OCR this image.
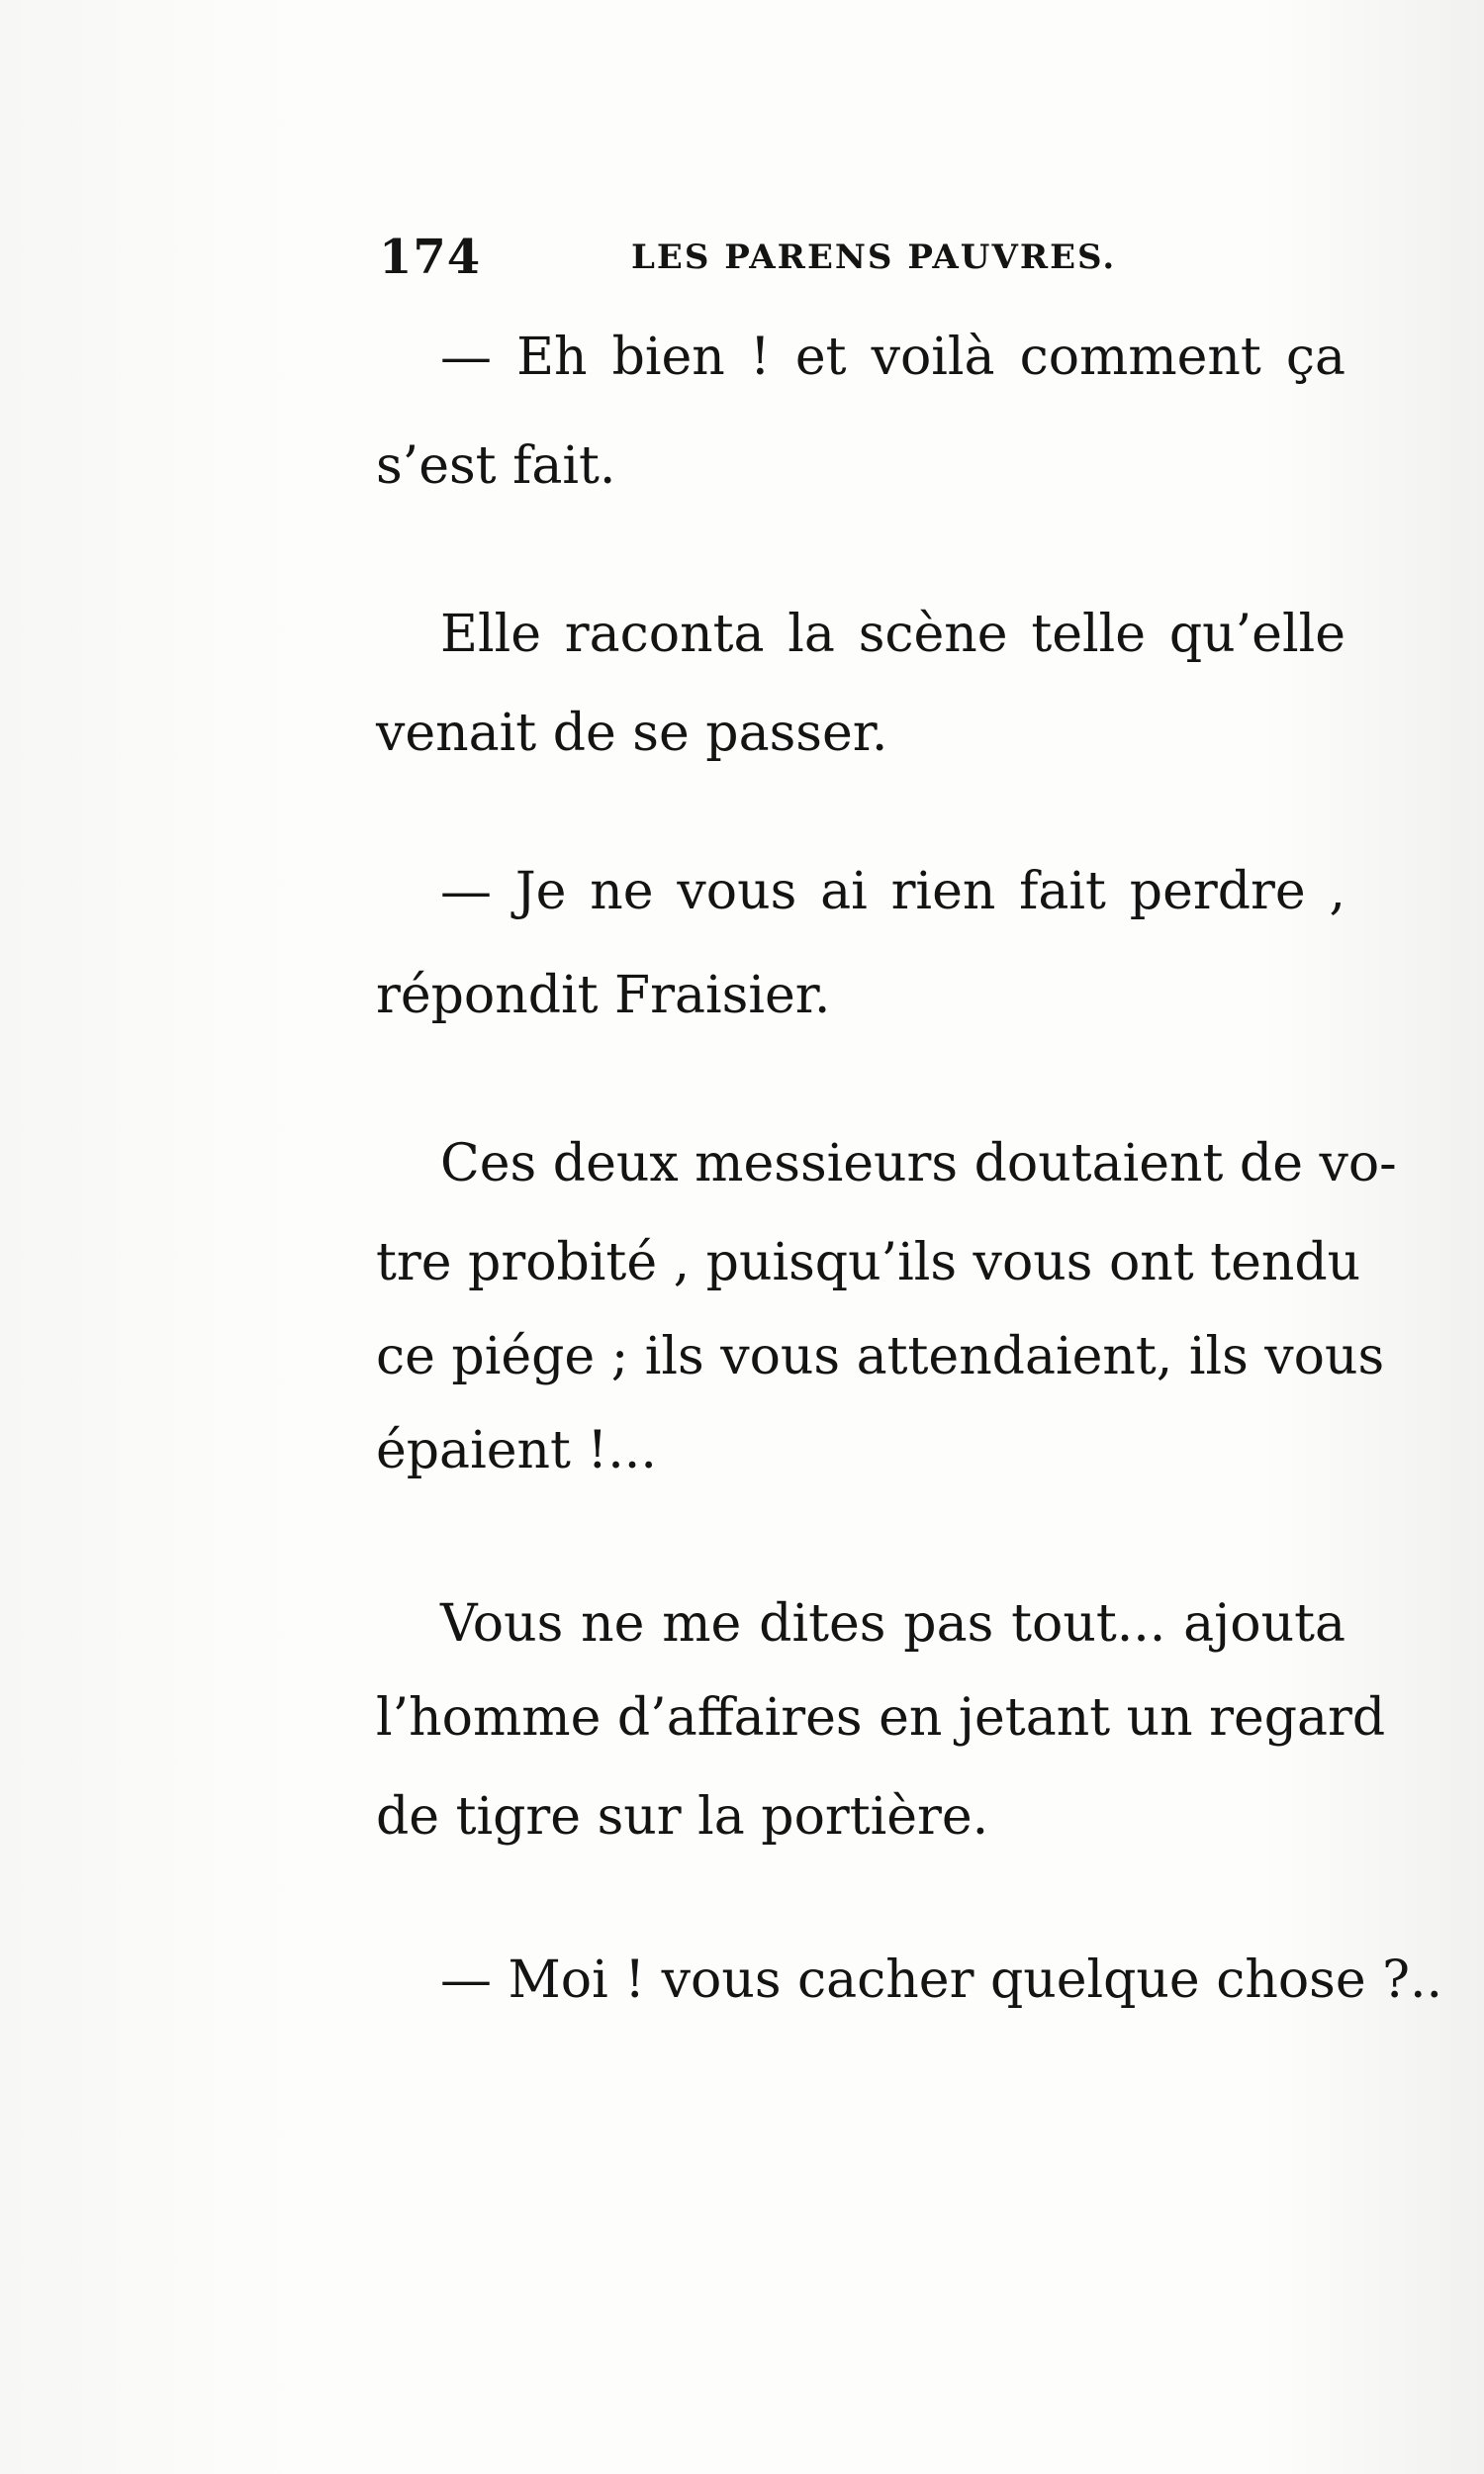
174	LES PARENS PAUVRES.
— Eh bien ! et voilà comment ça
s’est fait.
Elle raconta la scène telle qu’elle
venait de se passer.
— Je ne vous ai rien fait perdre ,
répondit Fraisier.
Ces deux messieurs doutaient de vo-
tre probité , puisqu’ils vous ont tendu
ce piége ; ils vous attendaient, ils vous
épaient !...
Vous ne me dites pas tout... ajouta
l’homme d’affaires en jetant un regard
de tigre sur la portière.
— Moi ! vous cacher quelque chose ?..
